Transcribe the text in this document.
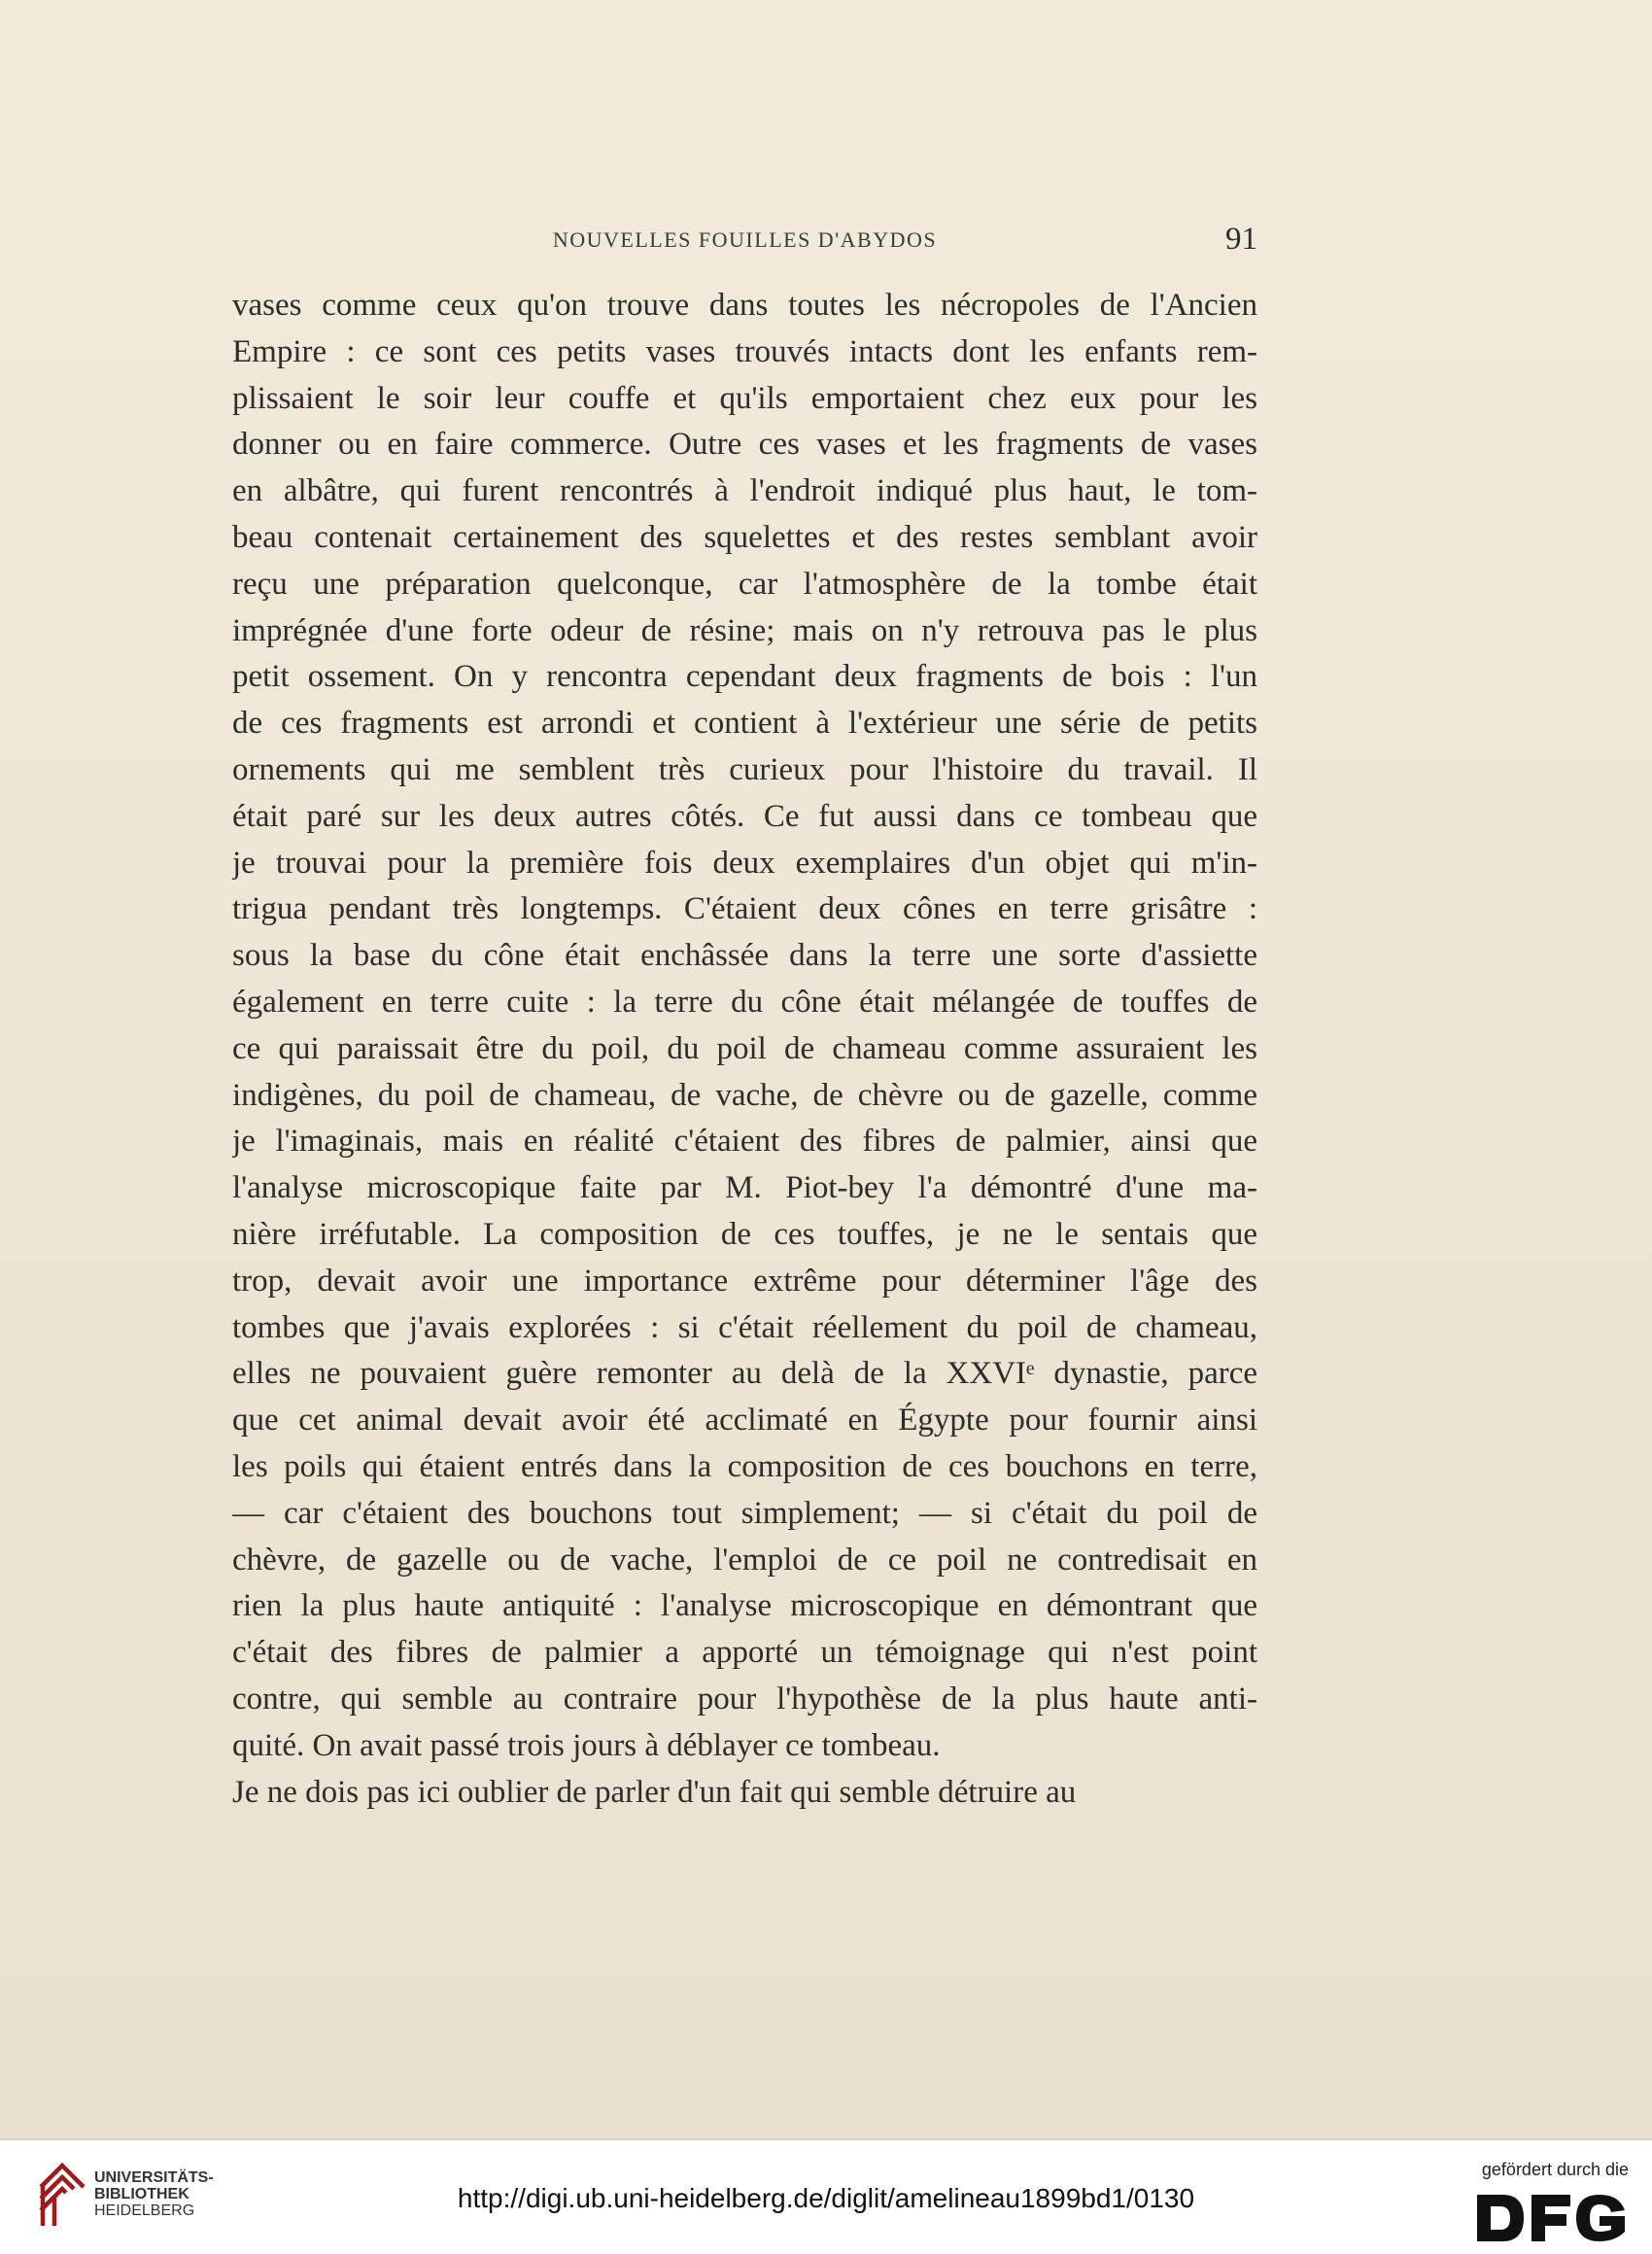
NOUVELLES FOUILLES D'ABYDOS	91
vases comme ceux qu'on trouve dans toutes les nécropoles de l'Ancien
Empire : ce sont ces petits vases trouvés intacts dont les enfants rem-
plissaient le soir leur couffe et qu'ils emportaient chez eux pour les
donner ou en faire commerce. Outre ces vases et les fragments de vases
en albâtre, qui furent rencontrés à l'endroit indiqué plus haut, le tom-
beau contenait certainement des squelettes et des restes semblant avoir
reçu une préparation quelconque, car l'atmosphère de la tombe était
imprégnée d'une forte odeur de résine; mais on n'y retrouva pas le plus
petit ossement. On y rencontra cependant deux fragments de bois : l'un
de ces fragments est arrondi et contient à l'extérieur une série de petits
ornements qui me semblent très curieux pour l'histoire du travail. Il
était paré sur les deux autres côtés. Ce fut aussi dans ce tombeau que
je trouvai pour la première fois deux exemplaires d'un objet qui m'in-
trigua pendant très longtemps. C'étaient deux cônes en terre grisâtre :
sous la base du cône était enchâssée dans la terre une sorte d'assiette
également en terre cuite : la terre du cône était mélangée de touffes de
ce qui paraissait être du poil, du poil de chameau comme assuraient les
indigènes, du poil de chameau, de vache, de chèvre ou de gazelle, comme
je l'imaginais, mais en réalité c'étaient des fibres de palmier, ainsi que
l'analyse microscopique faite par M. Piot-bey l'a démontré d'une ma-
nière irréfutable. La composition de ces touffes, je ne le sentais que
trop, devait avoir une importance extrême pour déterminer l'âge des
tombes que j'avais explorées : si c'était réellement du poil de chameau,
elles ne pouvaient guère remonter au delà de la XXVIᵉ dynastie, parce
que cet animal devait avoir été acclimaté en Égypte pour fournir ainsi
les poils qui étaient entrés dans la composition de ces bouchons en terre,
— car c'étaient des bouchons tout simplement; — si c'était du poil de
chèvre, de gazelle ou de vache, l'emploi de ce poil ne contredisait en
rien la plus haute antiquité : l'analyse microscopique en démontrant que
c'était des fibres de palmier a apporté un témoignage qui n'est point
contre, qui semble au contraire pour l'hypothèse de la plus haute anti-
quité. On avait passé trois jours à déblayer ce tombeau.
Je ne dois pas ici oublier de parler d'un fait qui semble détruire au
UNIVERSITÄTS-
BIBLIOTHEK
HEIDELBERG	http://digi.ub.uni-heidelberg.de/diglit/amelineau1899bd1/0130
gefördert durch die
